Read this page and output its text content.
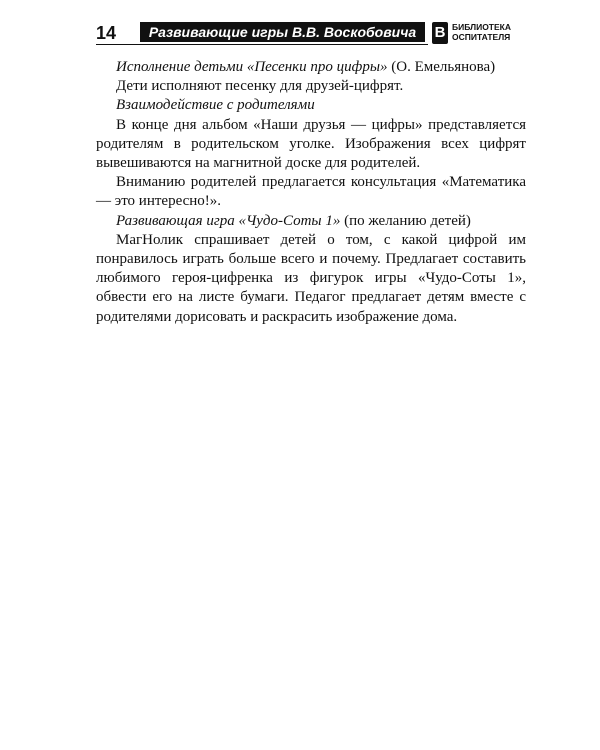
14	Развивающие игры В.В. Воскобовича	В БИБЛИОТЕКА
ОСПИТАТЕЛЯ

Исполнение детьми «Песенки про цифры» (О. Емельянова)

Дети исполняют песенку для друзей-цифрят.

Взаимодействие с родителями

В конце дня альбом «Наши друзья — цифры» представляется родителям в родительском уголке. Изображения всех цифрят вывешиваются на магнитной доске для родителей.

Вниманию родителей предлагается консультация «Математика — это интересно!».

Развивающая игра «Чудо-Соты 1» (по желанию детей)

МагНолик спрашивает детей о том, с какой цифрой им понравилось играть больше всего и почему. Предлагает составить любимого героя-цифренка из фигурок игры «Чудо-Соты 1», обвести его на листе бумаги. Педагог предлагает детям вместе с родителями дорисовать и раскрасить изображение дома.
